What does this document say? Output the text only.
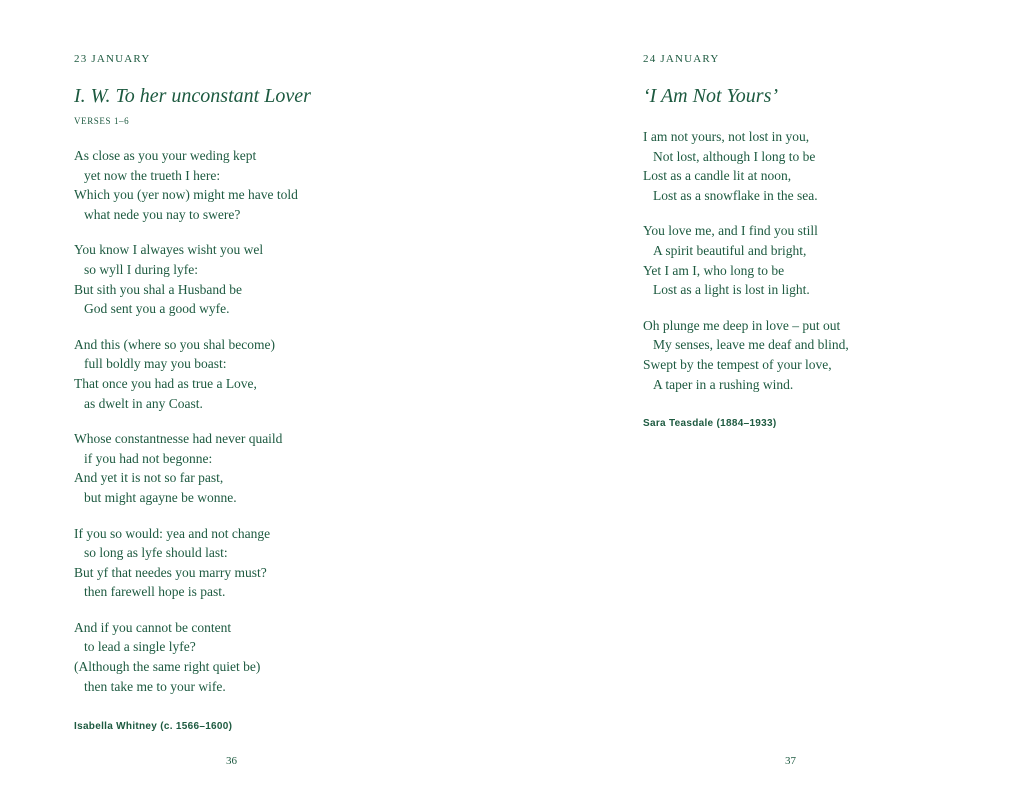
23 JANUARY
I. W. To her unconstant Lover
VERSES 1–6
As close as you your weding kept
yet now the trueth I here:
Which you (yer now) might me have told
what nede you nay to swere?
You know I alwayes wisht you wel
so wyll I during lyfe:
But sith you shal a Husband be
God sent you a good wyfe.
And this (where so you shal become)
full boldly may you boast:
That once you had as true a Love,
as dwelt in any Coast.
Whose constantnesse had never quaild
if you had not begonne:
And yet it is not so far past,
but might agayne be wonne.
If you so would: yea and not change
so long as lyfe should last:
But yf that needes you marry must?
then farewell hope is past.
And if you cannot be content
to lead a single lyfe?
(Although the same right quiet be)
then take me to your wife.
Isabella Whitney (c. 1566–1600)
36
24 JANUARY
‘I Am Not Yours’
I am not yours, not lost in you,
Not lost, although I long to be
Lost as a candle lit at noon,
Lost as a snowflake in the sea.
You love me, and I find you still
A spirit beautiful and bright,
Yet I am I, who long to be
Lost as a light is lost in light.
Oh plunge me deep in love – put out
My senses, leave me deaf and blind,
Swept by the tempest of your love,
A taper in a rushing wind.
Sara Teasdale (1884–1933)
37
